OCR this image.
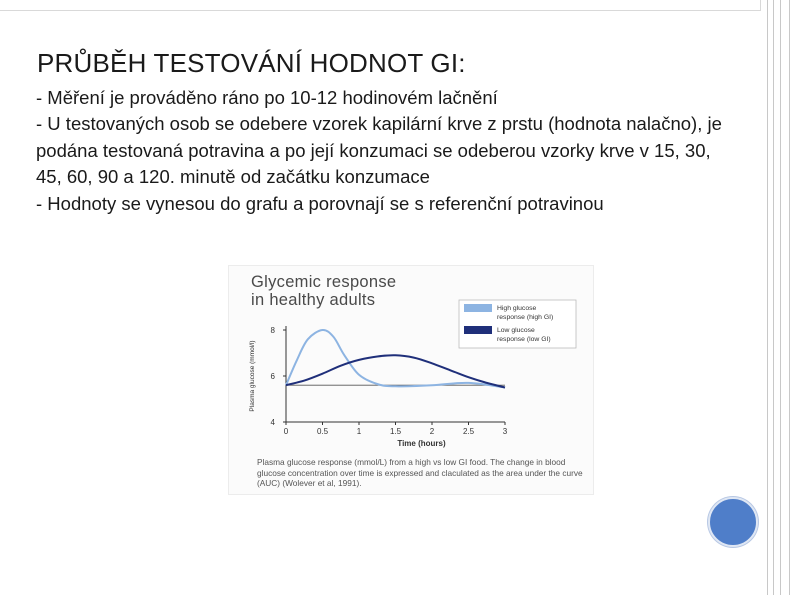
PRŮBĚH TESTOVÁNÍ HODNOT GI:
- Měření je prováděno ráno po 10-12 hodinovém lačnění
- U testovaných osob se odebere vzorek kapilární krve z prstu (hodnota nalačno), je podána testovaná potravina a po její konzumaci se odeberou vzorky krve v 15, 30, 45, 60, 90 a 120. minutě od začátku konzumace
- Hodnoty se vynesou do grafu a porovnají se s referenční potravinou
Glycemic response
in healthy adults
4
6
8
0	0.5	1	1.5	2	2.5	3
Time (hours)
Plasma glucose (mmol/l)
High glucose response (high GI)
Low glucose response (low GI)
Plasma glucose response (mmol/L) from a high vs low GI food. The change in blood glucose concentration over time is expressed and claculated as the area under the curve (AUC) (Wolever et al, 1991).
